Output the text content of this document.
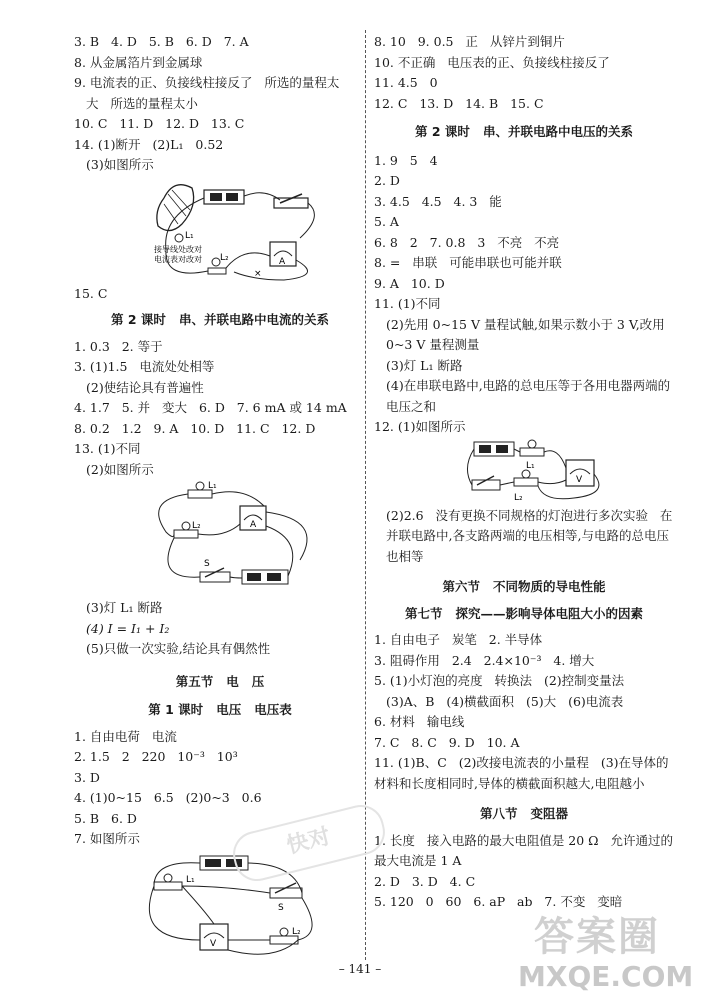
3. B   4. D   5. B   6. D   7. A

8. 从金属箔片到金属球

9. 电流表的正、负接线柱接反了   所选的量程太

大   所选的量程太小

10. C   11. D   12. D   13. C

14. (1)断开   (2)L₁   0.52

(3)如图所示

L₁
接导线处改对
电流表对改对 L₂	A
×

15. C

第 2 课时   串、并联电路中电流的关系

1. 0.3   2. 等于

3. (1)1.5   电流处处相等

(2)使结论具有普遍性

4. 1.7   5. 并   变大   6. D   7. 6 mA 或 14 mA

8. 0.2   1.2   9. A   10. D   11. C   12. D

13. (1)不同

(2)如图所示

L₁
A
L₂
S

(3)灯 L₁ 断路

(4) I = I₁ + I₂

(5)只做一次实验,结论具有偶然性

第五节   电   压

第 1 课时   电压   电压表

1. 自由电荷   电流

2. 1.5   2   220   10⁻³   10³

3. D

4. (1)0~15   6.5   (2)0~3   0.6

5. B   6. D

7. 如图所示

L₁
S
V
L₂

8. 10   9. 0.5   正   从锌片到铜片

10. 不正确   电压表的正、负接线柱接反了

11. 4.5   0

12. C   13. D   14. B   15. C

第 2 课时   串、并联电路中电压的关系

1. 9   5   4

2. D

3. 4.5   4.5   4. 3   能

5. A

6. 8   2   7. 0.8   3   不亮   不亮

8. =   串联   可能串联也可能并联

9. A   10. D

11. (1)不同

(2)先用 0~15 V 量程试触,如果示数小于 3 V,改用 0~3 V 量程测量

(3)灯 L₁ 断路

(4)在串联电路中,电路的总电压等于各用电器两端的电压之和

12. (1)如图所示

L₁
L₂
V

(2)2.6   没有更换不同规格的灯泡进行多次实验   在并联电路中,各支路两端的电压相等,与电路的总电压也相等

第六节   不同物质的导电性能

第七节   探究——影响导体电阻大小的因素

1. 自由电子   炭笔   2. 半导体

3. 阻碍作用   2.4   2.4×10⁻³   4. 增大

5. (1)小灯泡的亮度   转换法   (2)控制变量法

(3)A、B   (4)横截面积   (5)大   (6)电流表

6. 材料   输电线

7. C   8. C   9. D   10. A

11. (1)B、C   (2)改接电流表的小量程   (3)在导体的材料和长度相同时,导体的横截面积越大,电阻越小

第八节   变阻器

1. 长度   接入电路的最大电阻值是 20 Ω   允许通过的最大电流是 1 A

2. D   3. D   4. C

5. 120   0   60   6. aP   ab   7. 不变   变暗

快对
答案圈
MXQE.COM
– 141 –
